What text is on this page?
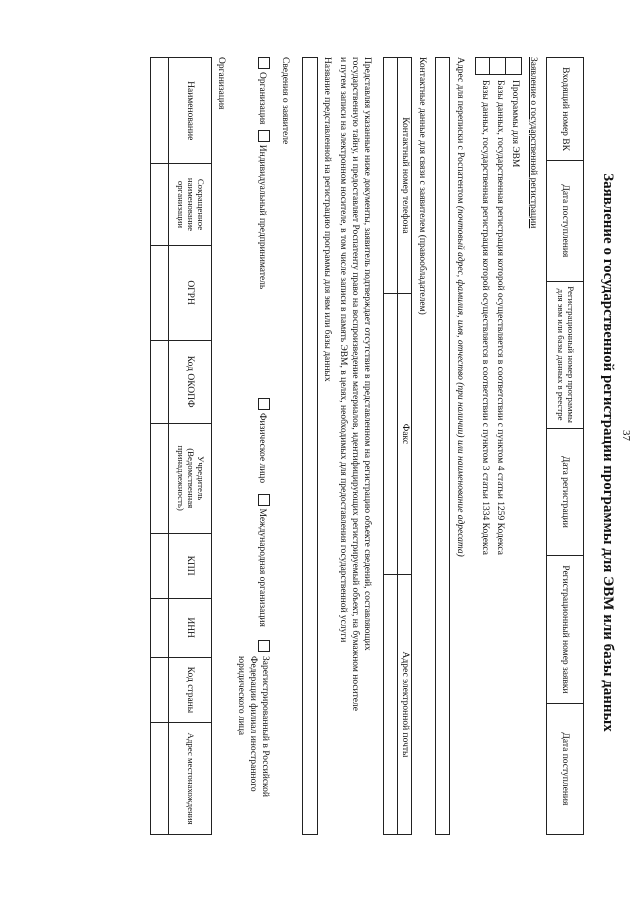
37
Заявление о государственной регистрации программы для ЭВМ или базы данных
Входящий номер ВК	Дата поступления	Регистрационный номер программы для эвм или базы данных в реестре	Дата регистрации	Регистрационный номер заявки	Дата поступления
Заявление о государственной регистрации
Программы для ЭВМ
Базы данных, государственная регистрация которой осуществляется в соответствии с пунктом 4 статьи 1259 Кодекса
Базы данных, государственная регистрация которой осуществляется в соответствии с пунктом 3 статьи 1334 Кодекса
Адрес для переписки с Роспатентом (почтовый адрес, фамилия, имя, отчество (при наличии) или наименование адресата)
Контактные данные для связи с заявителем (правообладателем)
Контактный номер телефона	Факс	Адрес электронной почты

Представляя указанные ниже документы, заявитель подтверждает отсутствие в представленном на регистрацию объекте сведений, составляющих
государственную тайну, и предоставляет Роспатенту право на воспроизведение материалов, идентифицирующих регистрируемый объект, на бумажном носителе
и путем записи на электронном носителе, в том числе записи в память ЭВМ, в целях, необходимых для предоставления государственной услуги
Название представленной на регистрацию программы для эвм или базы данных
Сведения о заявителе
Организация Индивидуальный предприниматель
Физическое лицо Международная организация
Зарегистрированный в Российской
Федерации филиал иностранного
юридического лица
Организация
Наименование	Сокращенное наименование организации	ОГРН	Код ОКОПФ	Учредитель (Ведомственная принадлежность)	КПП	ИНН	Код страны	Адрес местонахождения
